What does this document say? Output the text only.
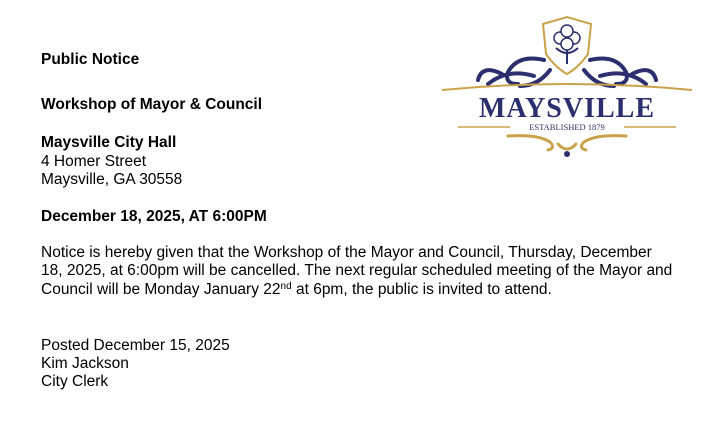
Public Notice
Workshop of Mayor & Council
Maysville City Hall
4 Homer Street
Maysville, GA 30558
December 18, 2025, AT 6:00PM
Notice is hereby given that the Workshop of the Mayor and Council, Thursday, December 18, 2025, at 6:00pm will be cancelled. The next regular scheduled meeting of the Mayor and Council will be Monday January 22nd at 6pm, the public is invited to attend.
Posted December 15, 2025
Kim Jackson
City Clerk
MAYSVILLE
ESTABLISHED 1879
